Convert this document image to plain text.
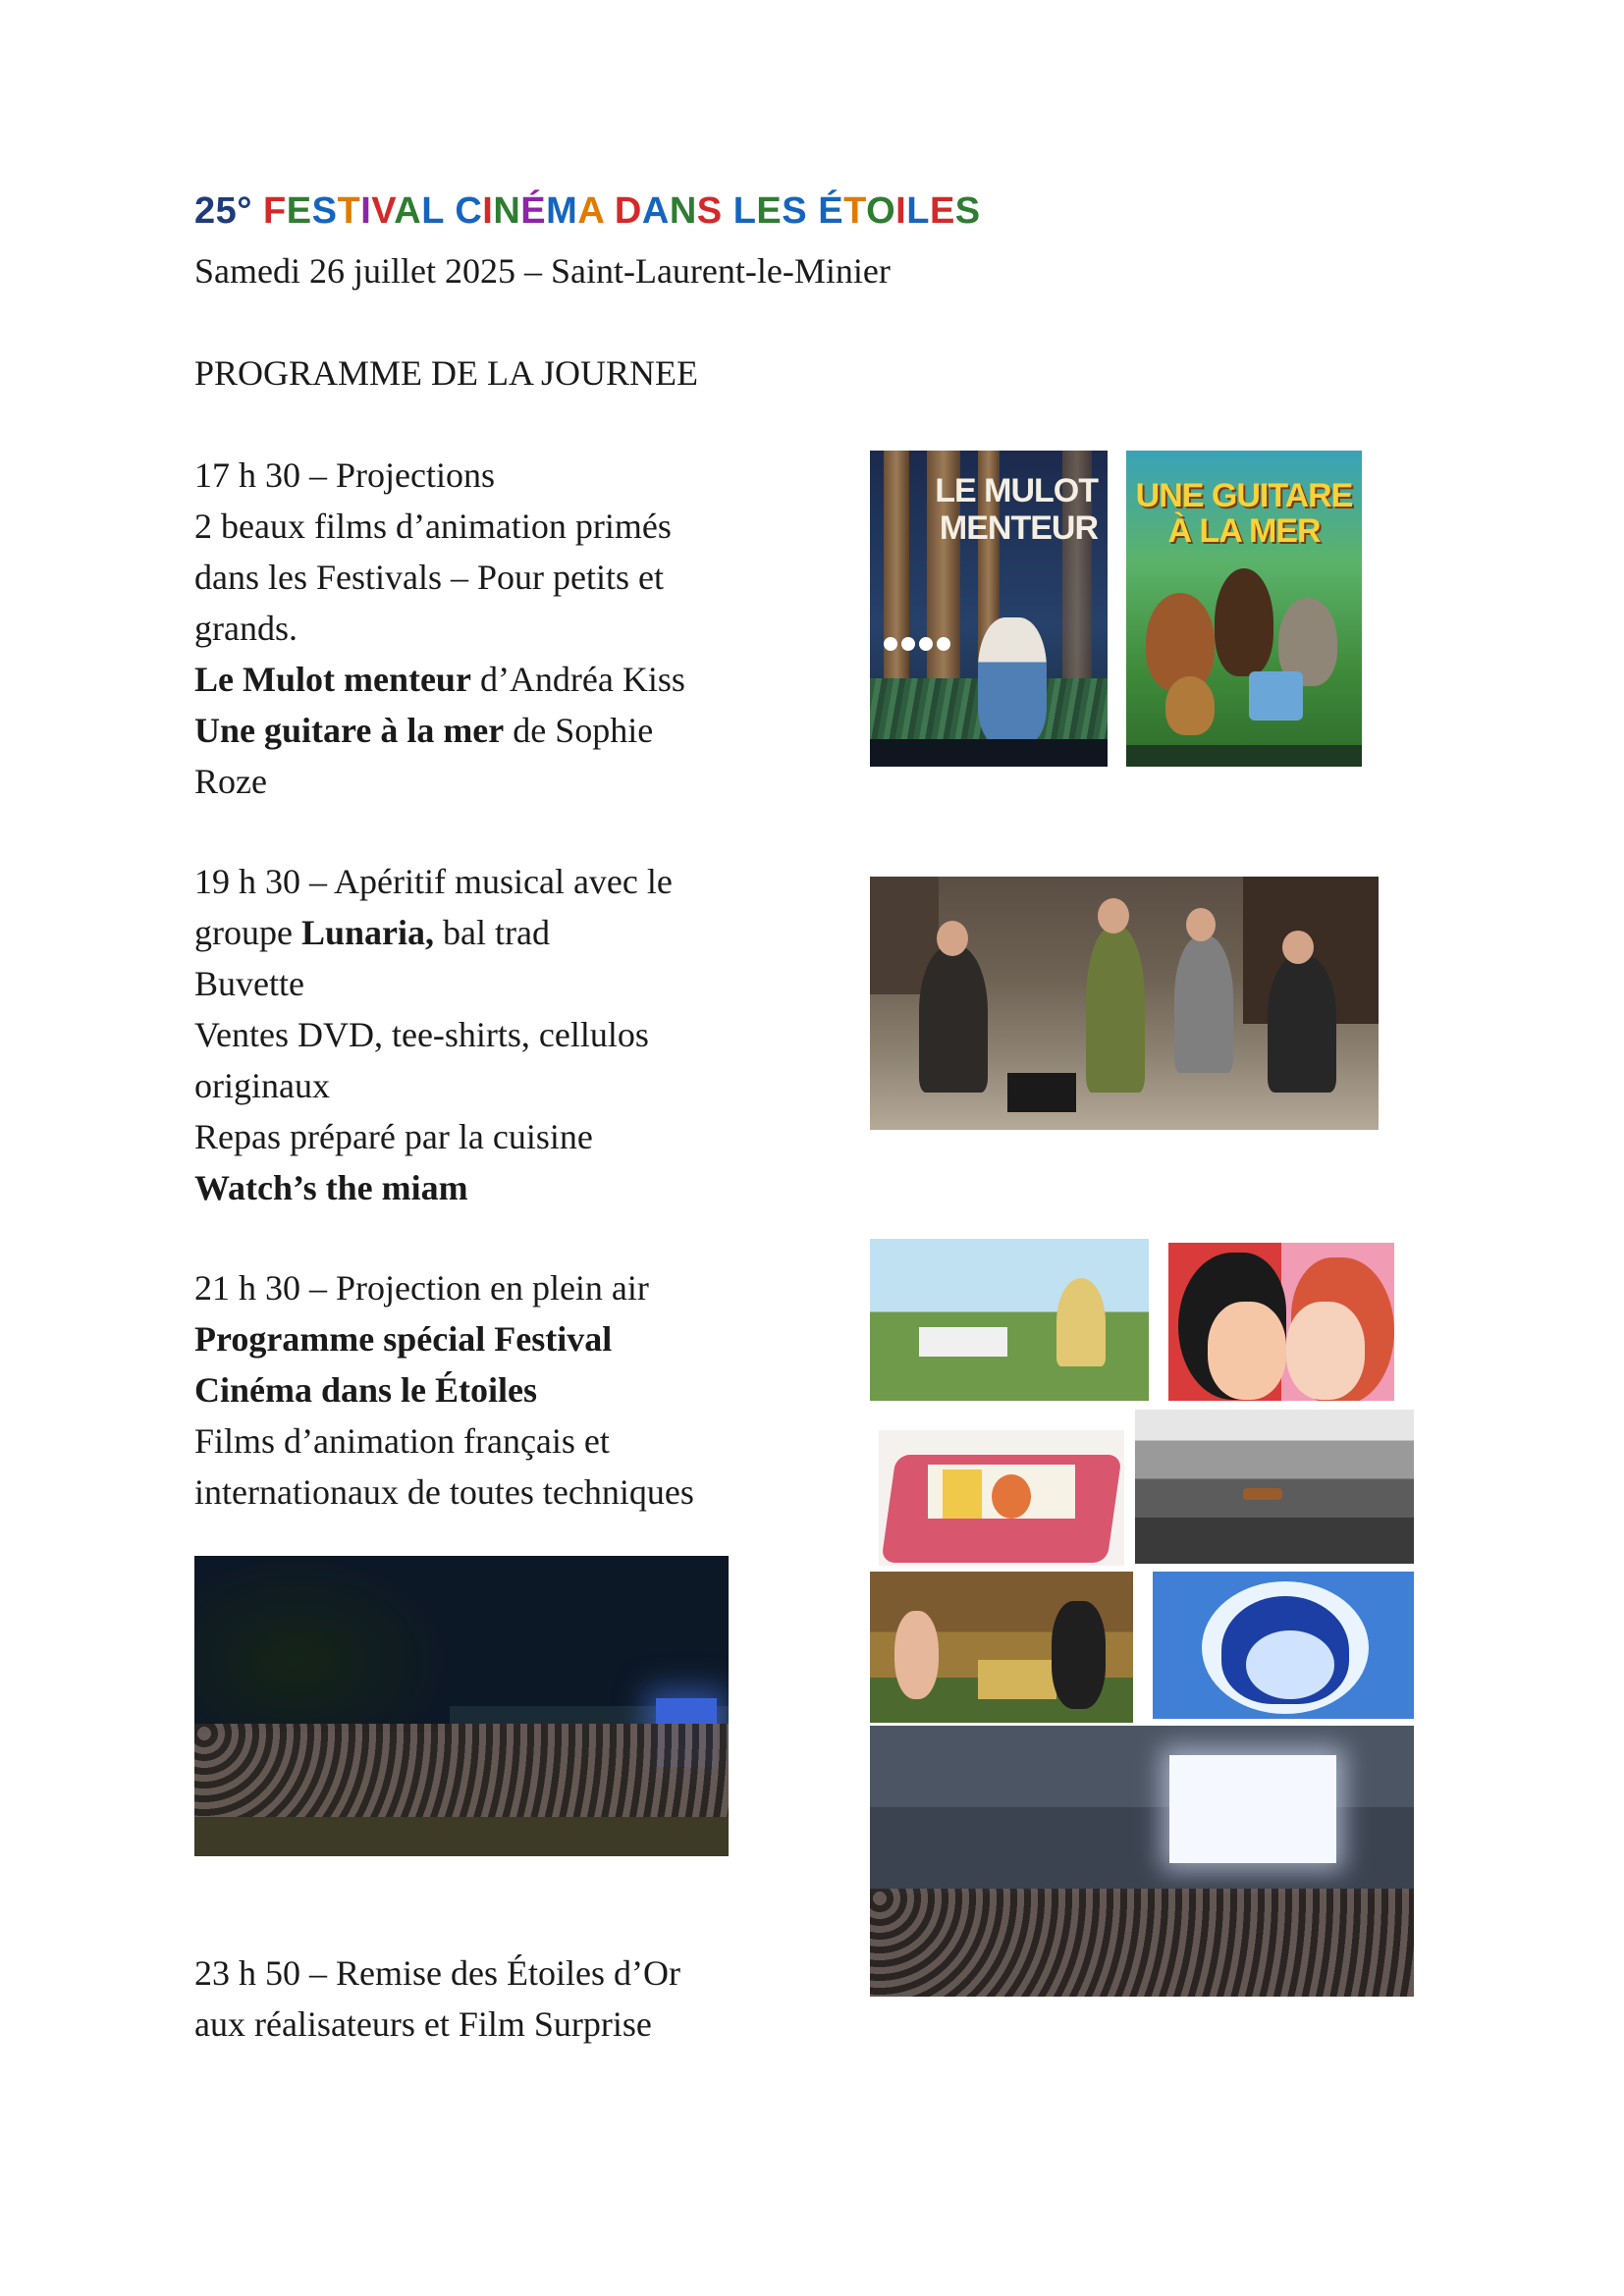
25° FESTIVAL CINÉMA DANS LES ÉTOILES

Samedi 26 juillet 2025 – Saint-Laurent-le-Minier

PROGRAMME DE LA JOURNEE

17 h 30 – Projections
2 beaux films d’animation primés
dans les Festivals – Pour petits et
grands.
Le Mulot menteur d’Andréa Kiss
Une guitare à la mer de Sophie
Roze
19 h 30 – Apéritif musical avec le
groupe Lunaria, bal trad
Buvette
Ventes DVD, tee-shirts, cellulos
originaux
Repas préparé par la cuisine
Watch’s the miam
21 h 30 – Projection en plein air
Programme spécial Festival
Cinéma dans le Étoiles
Films d’animation français et
internationaux de toutes techniques
23 h 50 – Remise des Étoiles d’Or
aux réalisateurs et Film Surprise
LE MULOT
MENTEUR
UNE GUITARE
À LA MER
